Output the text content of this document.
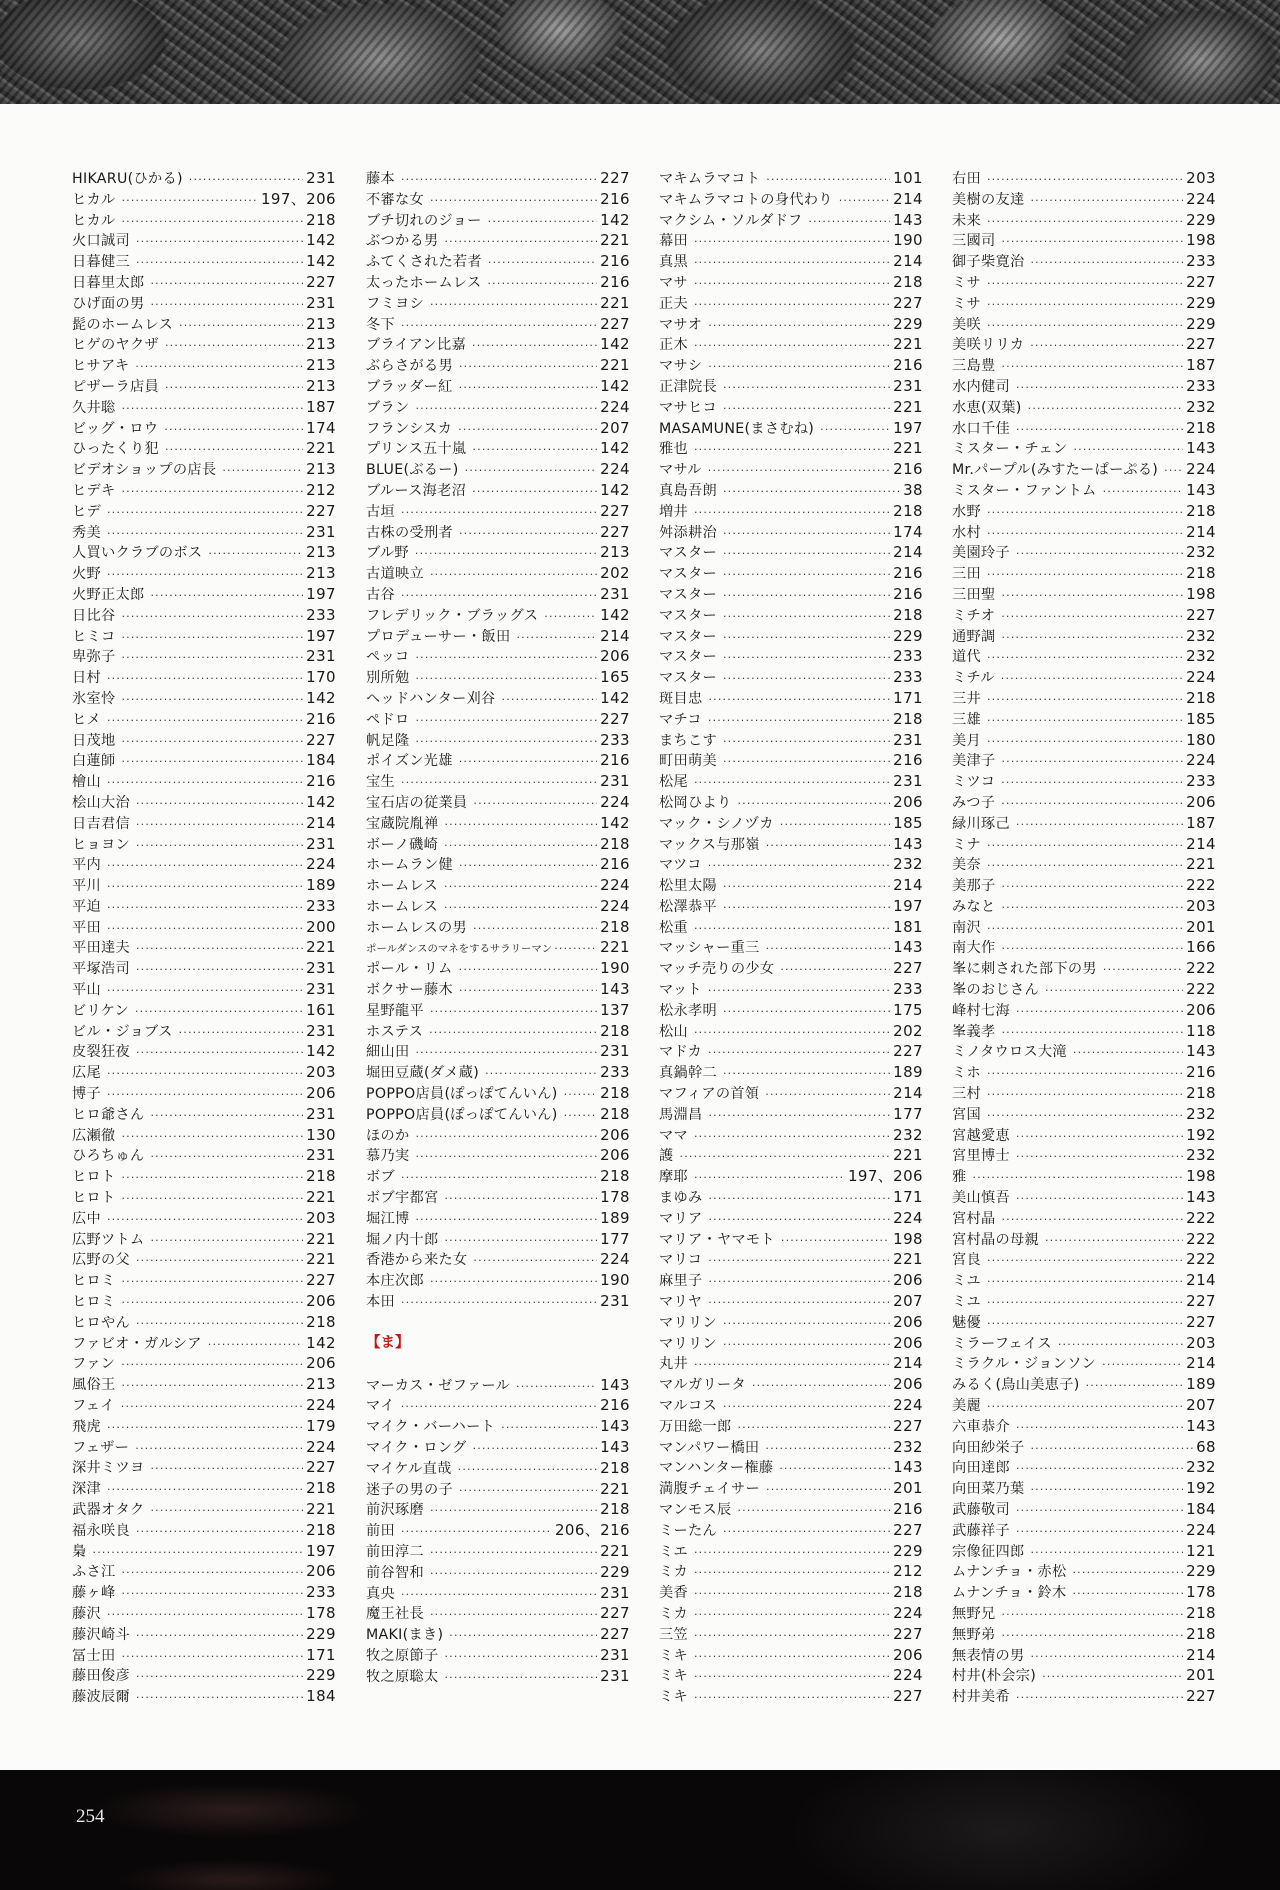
HIKARU(ひかる) ·····	231
ヒカル ·····	197、206
ヒカル ·····	218
火口誠司 ·····	142
日暮健三 ·····	142
日暮里太郎 ·····	227
ひげ面の男 ·····	231
髭のホームレス ·····	213
ヒゲのヤクザ ·····	213
ヒサアキ ·····	213
ピザーラ店員 ·····	213
久井聡 ·····	187
ビッグ・ロウ ·····	174
ひったくり犯 ·····	221
ビデオショップの店長 ·····	213
ヒデキ ·····	212
ヒデ ·····	227
秀美 ·····	231
人買いクラブのボス ·····	213
火野 ·····	213
火野正太郎 ·····	197
日比谷 ·····	233
ヒミコ ·····	197
卑弥子 ·····	231
日村 ·····	170
氷室怜 ·····	142
ヒメ ·····	216
日茂地 ·····	227
白蓮師 ·····	184
檜山 ·····	216
桧山大治 ·····	142
日吉君信 ·····	214
ヒョヨン ·····	231
平内 ·····	224
平川 ·····	189
平迫 ·····	233
平田 ·····	200
平田達夫 ·····	221
平塚浩司 ·····	231
平山 ·····	231
ビリケン ·····	161
ビル・ジョブス ·····	231
皮裂狂夜 ·····	142
広尾 ·····	203
博子 ·····	206
ヒロ爺さん ·····	231
広瀬徹 ·····	130
ひろちゅん ·····	231
ヒロト ·····	218
ヒロト ·····	221
広中 ·····	203
広野ツトム ·····	221
広野の父 ·····	221
ヒロミ ·····	227
ヒロミ ·····	206
ヒロやん ·····	218
ファビオ・ガルシア ·····	142
ファン ·····	206
風俗王 ·····	213
フェイ ·····	224
飛虎 ·····	179
フェザー ·····	224
深井ミツヨ ·····	227
深津 ·····	218
武器オタク ·····	221
福永咲良 ·····	218
梟 ·····	197
ふさ江 ·····	206
藤ヶ峰 ·····	233
藤沢 ·····	178
藤沢崎斗 ·····	229
冨士田 ·····	171
藤田俊彦 ·····	229
藤波辰爾 ·····	184
藤本 ·····	227
不審な女 ·····	216
ブチ切れのジョー ·····	142
ぶつかる男 ·····	221
ふてくされた若者 ·····	216
太ったホームレス ·····	216
フミヨシ ·····	221
冬下 ·····	227
ブライアン比嘉 ·····	142
ぶらさがる男 ·····	221
ブラッダー紅 ·····	142
ブラン ·····	224
フランシスカ ·····	207
プリンス五十嵐 ·····	142
BLUE(ぶるー) ·····	224
ブルース海老沼 ·····	142
古垣 ·····	227
古株の受刑者 ·····	227
ブル野 ·····	213
古道映立 ·····	202
古谷 ·····	231
フレデリック・ブラッグス ·····	142
プロデューサー・飯田 ·····	214
ペッコ ·····	206
別所勉 ·····	165
ヘッドハンター刈谷 ·····	142
ペドロ ·····	227
帆足隆 ·····	233
ポイズン光雄 ·····	216
宝生 ·····	231
宝石店の従業員 ·····	224
宝蔵院胤禅 ·····	142
ボーノ磯崎 ·····	218
ホームラン健 ·····	216
ホームレス ·····	224
ホームレス ·····	224
ホームレスの男 ·····	218
ポールダンスのマネをするサラリーマン ·····	221
ポール・リム ·····	190
ボクサー藤木 ·····	143
星野龍平 ·····	137
ホステス ·····	218
細山田 ·····	231
堀田豆蔵(ダメ蔵) ·····	233
POPPO店員(ぽっぽてんいん) ·····	218
POPPO店員(ぽっぽてんいん) ·····	218
ほのか ·····	206
慕乃実 ·····	206
ボブ ·····	218
ボブ宇都宮 ·····	178
堀江博 ·····	189
堀ノ内十郎 ·····	177
香港から来た女 ·····	224
本庄次郎 ·····	190
本田 ·····	231
【ま】
マーカス・ゼファール ·····	143
マイ ·····	216
マイク・バーハート ·····	143
マイク・ロング ·····	143
マイケル直哉 ·····	218
迷子の男の子 ·····	221
前沢琢磨 ·····	218
前田 ·····	206、216
前田淳二 ·····	221
前谷智和 ·····	229
真央 ·····	231
魔王社長 ·····	227
MAKI(まき) ·····	227
牧之原節子 ·····	231
牧之原聡太 ·····	231
マキムラマコト ·····	101
マキムラマコトの身代わり ·····	214
マクシム・ソルダドフ ·····	143
幕田 ·····	190
真黒 ·····	214
マサ ·····	218
正夫 ·····	227
マサオ ·····	229
正木 ·····	221
マサシ ·····	216
正津院長 ·····	231
マサヒコ ·····	221
MASAMUNE(まさむね) ·····	197
雅也 ·····	221
マサル ·····	216
真島吾朗 ·····	38
増井 ·····	218
舛添耕治 ·····	174
マスター ·····	214
マスター ·····	216
マスター ·····	216
マスター ·····	218
マスター ·····	229
マスター ·····	233
マスター ·····	233
斑目忠 ·····	171
マチコ ·····	218
まちこす ·····	231
町田萌美 ·····	216
松尾 ·····	231
松岡ひより ·····	206
マック・シノヅカ ·····	185
マックス与那嶺 ·····	143
マツコ ·····	232
松里太陽 ·····	214
松澤恭平 ·····	197
松重 ·····	181
マッシャー重三 ·····	143
マッチ売りの少女 ·····	227
マット ·····	233
松永孝明 ·····	175
松山 ·····	202
マドカ ·····	227
真鍋幹二 ·····	189
マフィアの首領 ·····	214
馬淵昌 ·····	177
ママ ·····	232
護 ·····	221
摩耶 ·····	197、206
まゆみ ·····	171
マリア ·····	224
マリア・ヤマモト ·····	198
マリコ ·····	221
麻里子 ·····	206
マリヤ ·····	207
マリリン ·····	206
マリリン ·····	206
丸井 ·····	214
マルガリータ ·····	206
マルコス ·····	224
万田総一郎 ·····	227
マンパワー橋田 ·····	232
マンハンター権藤 ·····	143
満腹チェイサー ·····	201
マンモス辰 ·····	216
ミーたん ·····	227
ミエ ·····	229
ミカ ·····	212
美香 ·····	218
ミカ ·····	224
三笠 ·····	227
ミキ ·····	206
ミキ ·····	224
ミキ ·····	227
右田 ·····	203
美樹の友達 ·····	224
未来 ·····	229
三國司 ·····	198
御子柴寛治 ·····	233
ミサ ·····	227
ミサ ·····	229
美咲 ·····	229
美咲リリカ ·····	227
三島豊 ·····	187
水内健司 ·····	233
水恵(双葉) ·····	232
水口千佳 ·····	218
ミスター・チェン ·····	143
Mr.パープル(みすたーぱーぷる) ·····	224
ミスター・ファントム ·····	143
水野 ·····	218
水村 ·····	214
美園玲子 ·····	232
三田 ·····	218
三田聖 ·····	198
ミチオ ·····	227
通野調 ·····	232
道代 ·····	232
ミチル ·····	224
三井 ·····	218
三雄 ·····	185
美月 ·····	180
美津子 ·····	224
ミツコ ·····	233
みつ子 ·····	206
緑川琢己 ·····	187
ミナ ·····	214
美奈 ·····	221
美那子 ·····	222
みなと ·····	203
南沢 ·····	201
南大作 ·····	166
峯に刺された部下の男 ·····	222
峯のおじさん ·····	222
峰村七海 ·····	206
峯義孝 ·····	118
ミノタウロス大滝 ·····	143
ミホ ·····	216
三村 ·····	218
宮国 ·····	232
宮越愛恵 ·····	192
宮里博士 ·····	232
雅 ·····	198
美山慎吾 ·····	143
宮村晶 ·····	222
宮村晶の母親 ·····	222
宮良 ·····	222
ミユ ·····	214
ミユ ·····	227
魅優 ·····	227
ミラーフェイス ·····	203
ミラクル・ジョンソン ·····	214
みるく(鳥山美恵子) ·····	189
美麗 ·····	207
六車恭介 ·····	143
向田紗栄子 ·····	68
向田達郎 ·····	232
向田菜乃葉 ·····	192
武藤敬司 ·····	184
武藤祥子 ·····	224
宗像征四郎 ·····	121
ムナンチョ・赤松 ·····	229
ムナンチョ・鈴木 ·····	178
無野兄 ·····	218
無野弟 ·····	218
無表情の男 ·····	214
村井(朴会宗) ·····	201
村井美希 ·····	227
254
